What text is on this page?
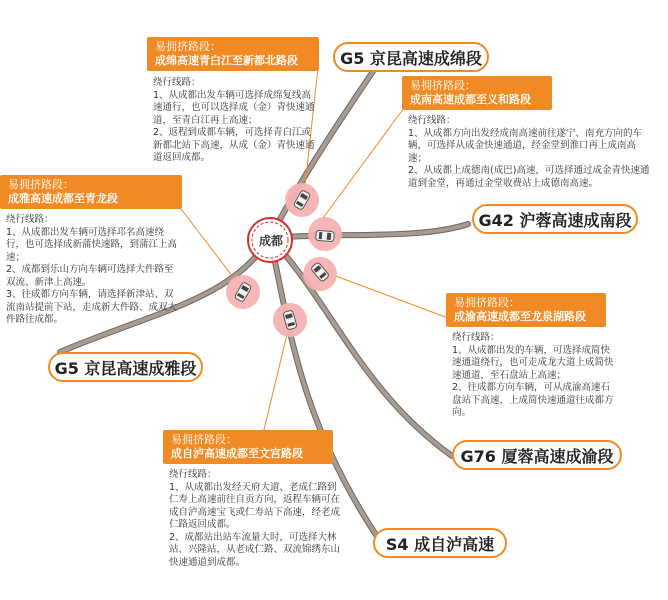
成都
G5 京昆高速成绵段
G42 沪蓉高速成南段
G5 京昆高速成雅段
G76 厦蓉高速成渝段
S4 成自泸高速
易拥挤路段：
成绵高速青白江至新都北路段
绕行线路：
1、从成都出发车辆可选择成绵复线高速通行，也可以选择成（金）青快速通道，至青白江再上高速；
2、返程到成都车辆，可选择青白江或新都北站下高速，从成（金）青快速通道返回成都。
易拥挤路段：
成南高速成都至义和路段
绕行线路：
1、从成都方向出发经成南高速前往遂宁、南充方向的车辆，可选择从成金快速通道，经金堂到淮口再上成南高速；
2、从成都上成德南(成巴)高速，可选择通过成金青快速通道到金堂，再通过金堂收费站上成德南高速。
易拥挤路段：
成雅高速成都至青龙段
绕行线路：
1、从成都出发车辆可选择邛名高速绕行，也可选择成新蒲快速路，到蒲江上高速；
2、成都到乐山方向车辆可选择大件路至双流、新津上高速。
3、往成都方向车辆，请选择新津站、双流南站提前下站，走成新大件路、成双大件路往成都。
易拥挤路段：
成渝高速成都至龙泉湖路段
绕行线路：
1、从成都出发的车辆，可选择成简快速通道绕行，也可走成龙大道上成简快速通道，至石盘站上高速；
2、往成都方向车辆，可从成渝高速石盘站下高速，上成简快速通道往成都方向。
易拥挤路段：
成自泸高速成都至文宫路段
绕行线路：
1、从成都出发经天府大道、老成仁路到仁寿上高速前往自贡方向，返程车辆可在成自泸高速宝飞或仁寿站下高速，经老成仁路返回成都。
2、成都站出站车流量大时，可选择大林站、兴隆站，从老成仁路、双流锦绣东山快速通道到成都。
